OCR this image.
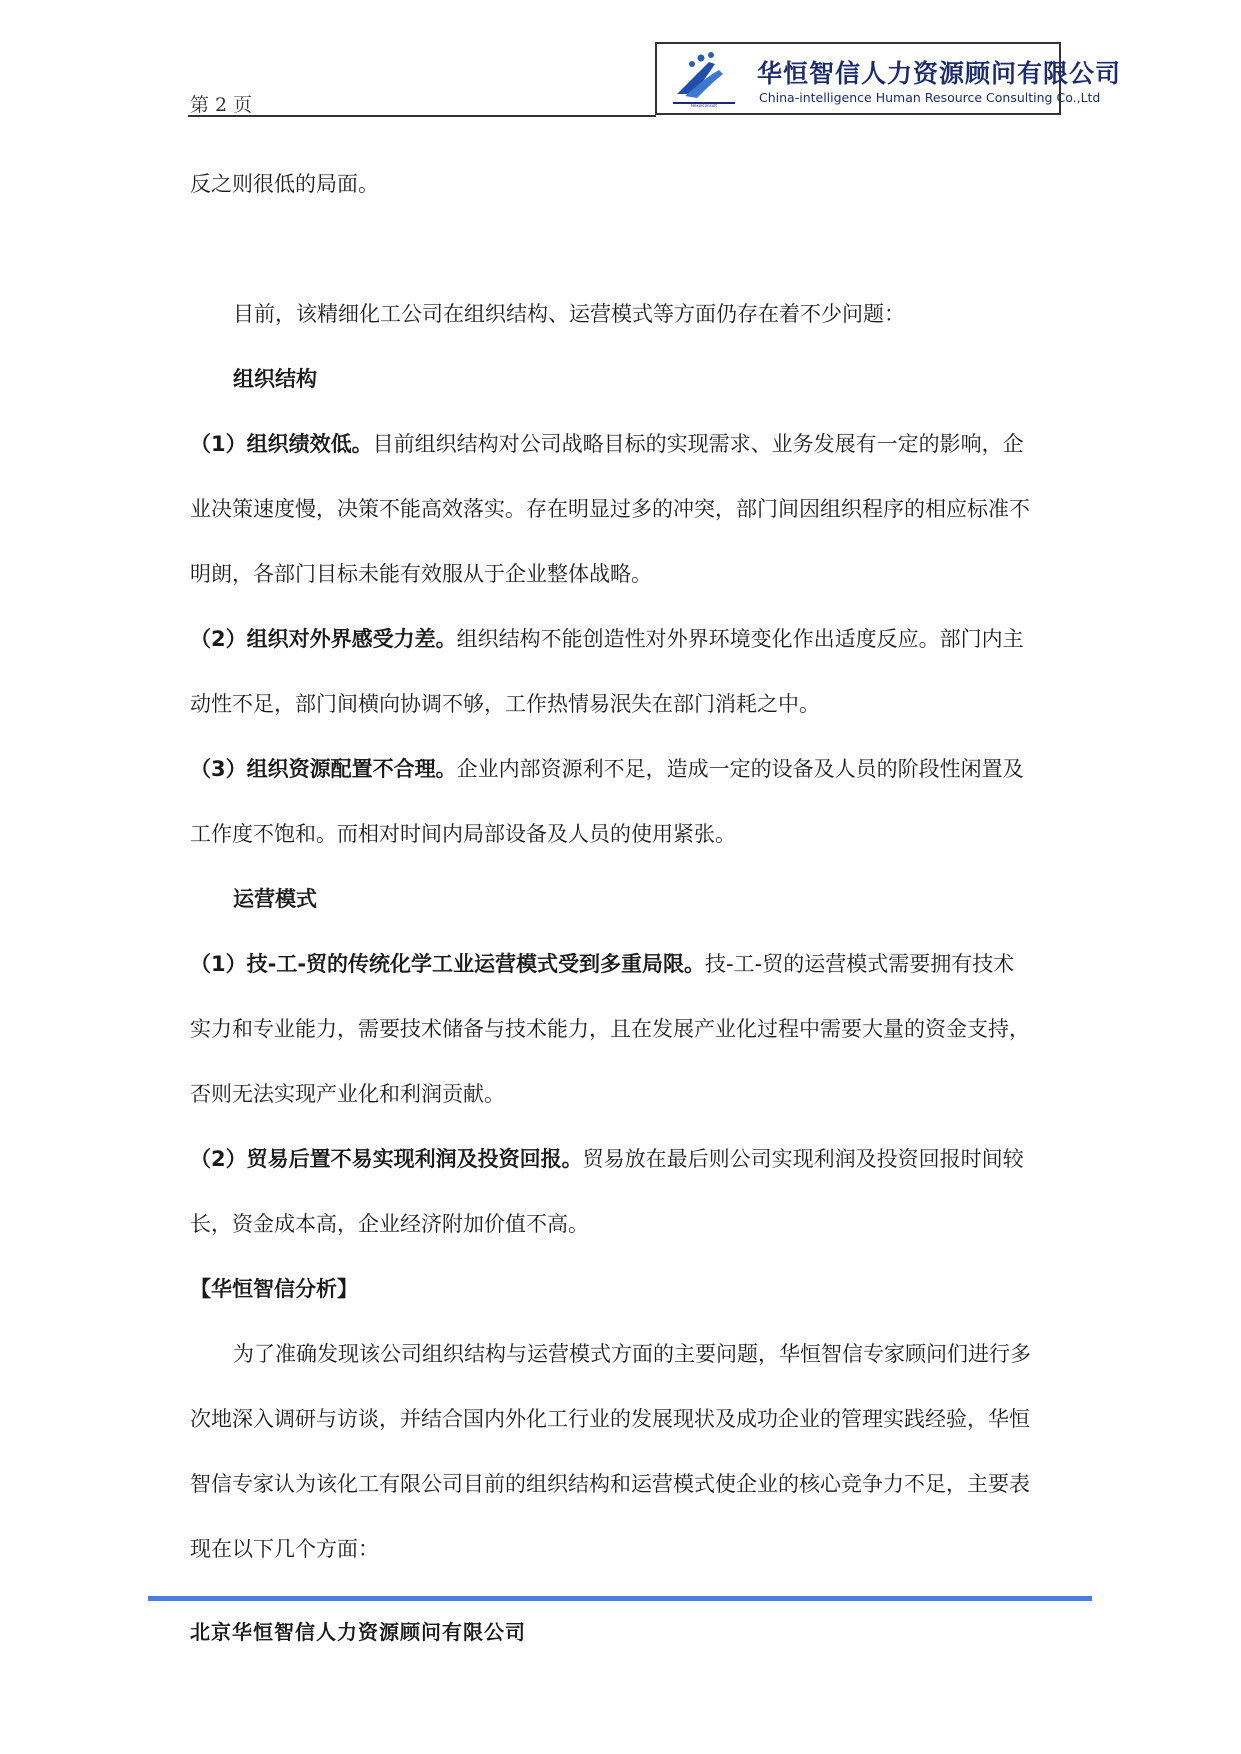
第 2 页	Hexinconsult
华恒智信人力资源顾问有限公司
China-intelligence Human Resource Consulting Co.,Ltd
反之则很低的局面。
目前，该精细化工公司在组织结构、运营模式等方面仍存在着不少问题：
组织结构
（1）组织绩效低。目前组织结构对公司战略目标的实现需求、业务发展有一定的影响，企
业决策速度慢，决策不能高效落实。存在明显过多的冲突，部门间因组织程序的相应标准不
明朗，各部门目标未能有效服从于企业整体战略。
（2）组织对外界感受力差。组织结构不能创造性对外界环境变化作出适度反应。部门内主
动性不足，部门间横向协调不够，工作热情易泯失在部门消耗之中。
（3）组织资源配置不合理。企业内部资源利不足，造成一定的设备及人员的阶段性闲置及
工作度不饱和。而相对时间内局部设备及人员的使用紧张。
运营模式
（1）技-工-贸的传统化学工业运营模式受到多重局限。技-工-贸的运营模式需要拥有技术
实力和专业能力，需要技术储备与技术能力，且在发展产业化过程中需要大量的资金支持，
否则无法实现产业化和利润贡献。
（2）贸易后置不易实现利润及投资回报。贸易放在最后则公司实现利润及投资回报时间较
长，资金成本高，企业经济附加价值不高。
【华恒智信分析】
为了准确发现该公司组织结构与运营模式方面的主要问题，华恒智信专家顾问们进行多
次地深入调研与访谈，并结合国内外化工行业的发展现状及成功企业的管理实践经验，华恒
智信专家认为该化工有限公司目前的组织结构和运营模式使企业的核心竞争力不足，主要表
现在以下几个方面：
北京华恒智信人力资源顾问有限公司
